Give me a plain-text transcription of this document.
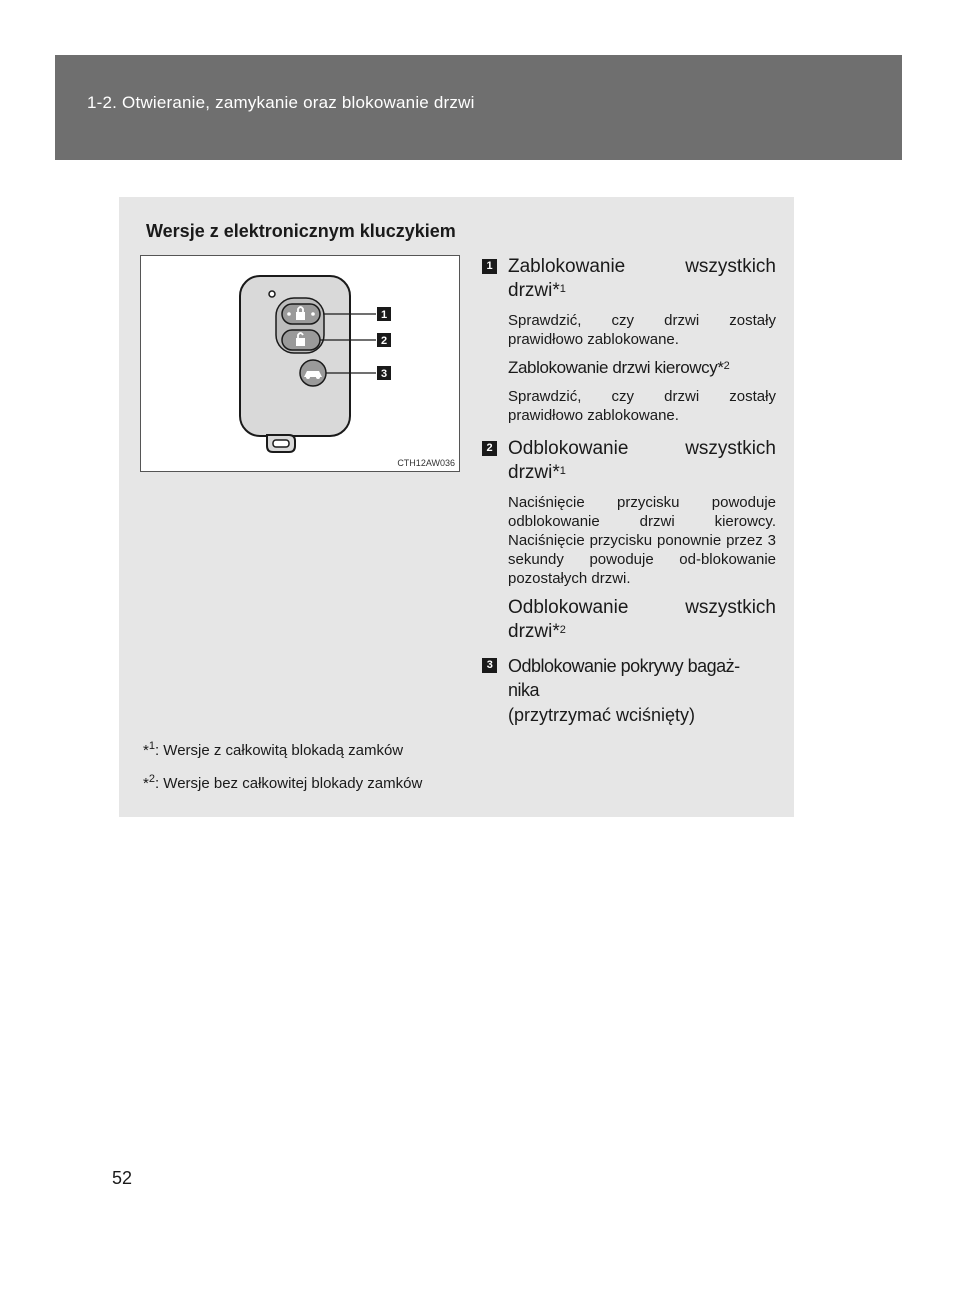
1-2. Otwieranie, zamykanie oraz blokowanie drzwi
Wersje z elektronicznym kluczykiem
1
2
3
CTH12AW036
1 Zablokowanie wszystkich
drzwi*$^1$
Sprawdzić, czy drzwi zostały prawidłowo zablokowane.
Zablokowanie drzwi kierowcy*$^2$
Sprawdzić, czy drzwi zostały prawidłowo zablokowane.
2 Odblokowanie wszystkich
drzwi*$^1$
Naciśnięcie przycisku powoduje odblokowanie drzwi kierowcy. Naciśnięcie przycisku ponownie przez 3 sekundy powoduje od-blokowanie pozostałych drzwi.
Odblokowanie wszystkich
drzwi*$^2$
3 Odblokowanie pokrywy bagaż-
nika
(przytrzymać wciśnięty)
*$^1$: Wersje z całkowitą blokadą zamków
*$^2$: Wersje bez całkowitej blokady zamków
52
